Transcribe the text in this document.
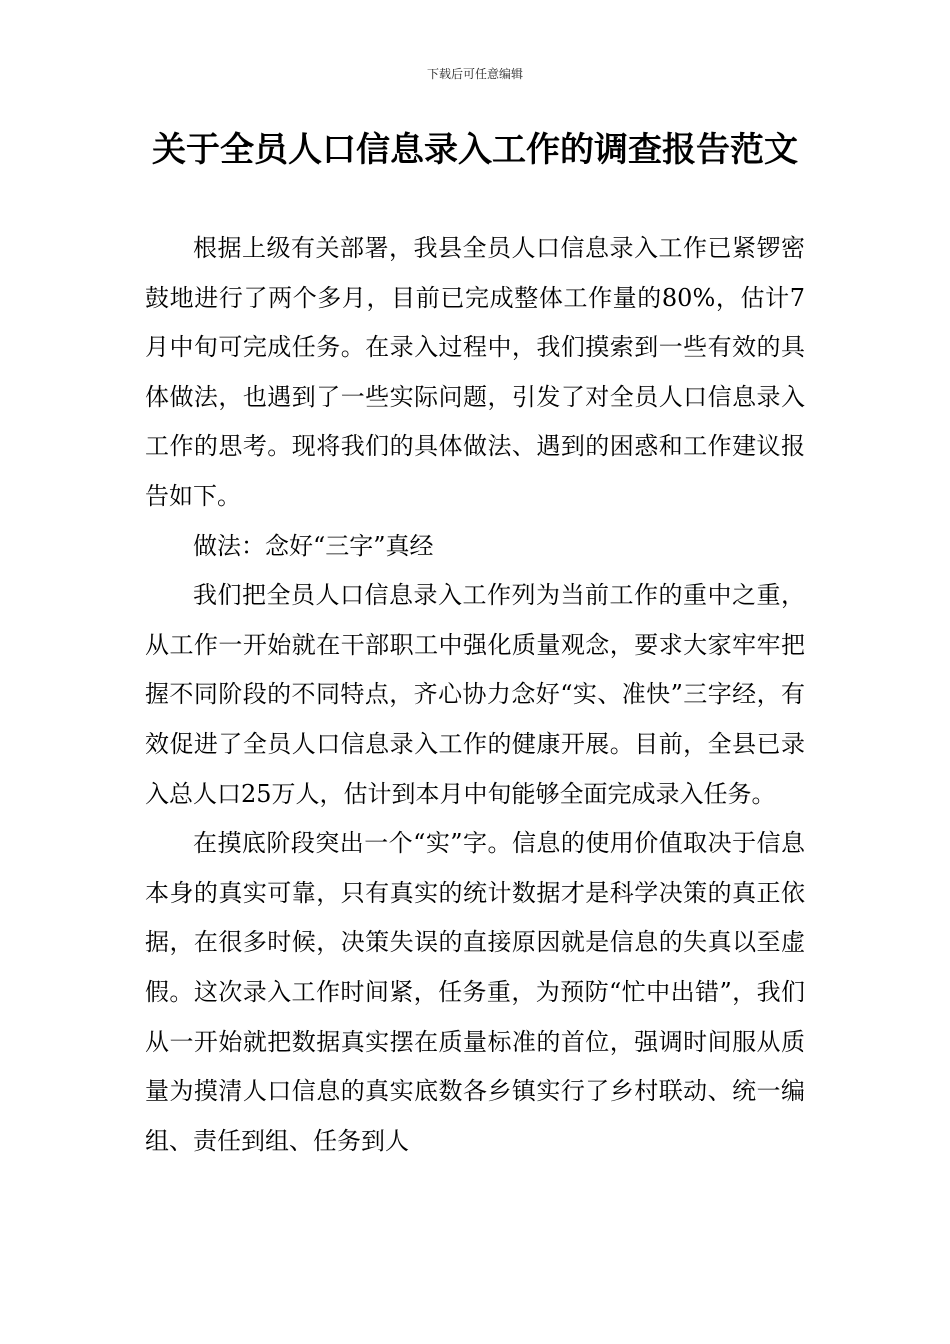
下载后可任意编辑
关于全员人口信息录入工作的调查报告范文

根据上级有关部署，我县全员人口信息录入工作已紧锣密鼓地进行了两个多月，目前已完成整体工作量的80%，估计7月中旬可完成任务。在录入过程中，我们摸索到一些有效的具体做法，也遇到了一些实际问题，引发了对全员人口信息录入工作的思考。现将我们的具体做法、遇到的困惑和工作建议报告如下。

做法：念好“三字”真经

我们把全员人口信息录入工作列为当前工作的重中之重，从工作一开始就在干部职工中强化质量观念，要求大家牢牢把握不同阶段的不同特点，齐心协力念好“实、准快”三字经，有效促进了全员人口信息录入工作的健康开展。目前，全县已录入总人口25万人，估计到本月中旬能够全面完成录入任务。

在摸底阶段突出一个“实”字。信息的使用价值取决于信息本身的真实可靠，只有真实的统计数据才是科学决策的真正依据，在很多时候，决策失误的直接原因就是信息的失真以至虚假。这次录入工作时间紧，任务重，为预防“忙中出错”，我们从一开始就把数据真实摆在质量标准的首位，强调时间服从质量为摸清人口信息的真实底数各乡镇实行了乡村联动、统一编组、责任到组、任务到人
